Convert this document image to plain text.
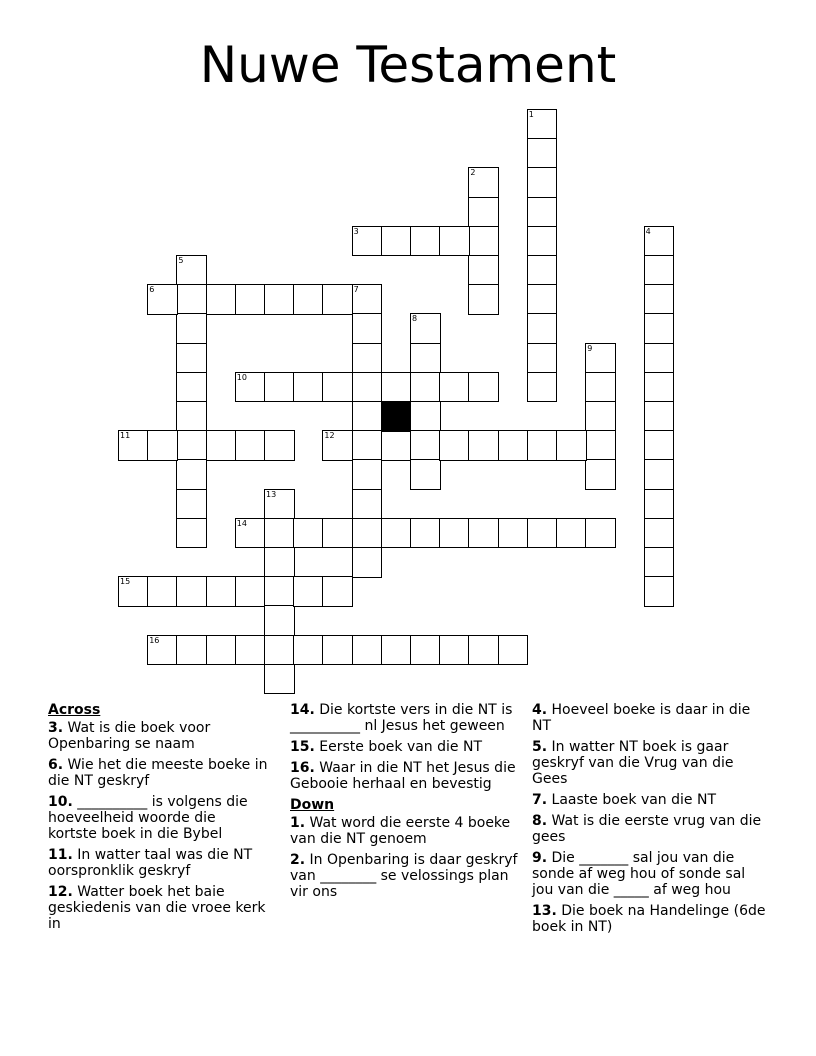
Nuwe Testament
1
2
3	4
5
6	7
8
9
10
11	12
13
14
15
16
Across
3. Wat is die boek voor Openbaring se naam
6. Wie het die meeste boeke in die NT geskryf
10. __________ is volgens die hoeveelheid woorde die kortste boek in die Bybel
11. In watter taal was die NT oorspronklik geskryf
12. Watter boek het baie geskiedenis van die vroee kerk in
14. Die kortste vers in die NT is __________ nl Jesus het geween
15. Eerste boek van die NT
16. Waar in die NT het Jesus die Gebooie herhaal en bevestig
Down
1. Wat word die eerste 4 boeke van die NT genoem
2. In Openbaring is daar geskryf van ________ se velossings plan vir ons
4. Hoeveel boeke is daar in die NT
5. In watter NT boek is gaar geskryf van die Vrug van die Gees
7. Laaste boek van die NT
8. Wat is die eerste vrug van die gees
9. Die _______ sal jou van die sonde af weg hou of sonde sal jou van die _____ af weg hou
13. Die boek na Handelinge (6de boek in NT)
